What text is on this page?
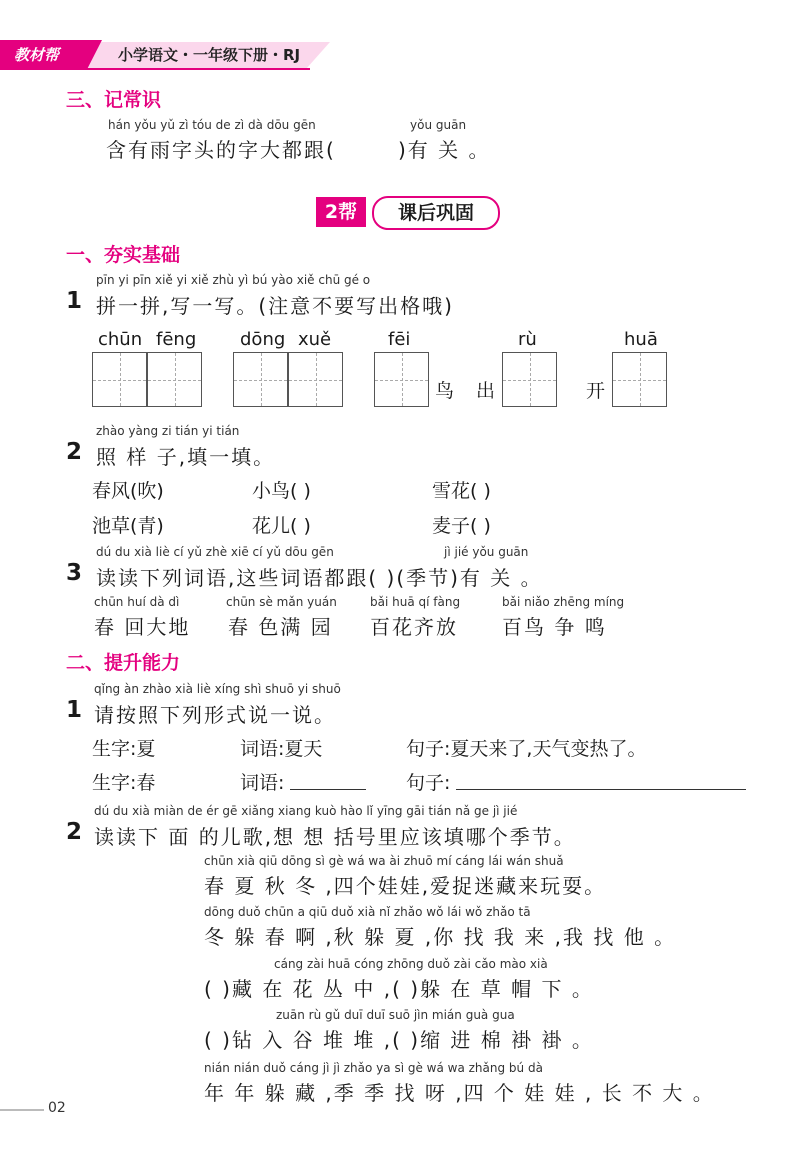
教材帮	小学语文・一年级下册・RJ
三、记常识
hán yǒu yǔ zì tóu de zì dà dōu gēn	yǒu guān
含有雨字头的字大都跟(	)有 关 。
2帮	课后巩固
一、夯实基础
pīn yi pīn xiě yi xiě zhù yì bú yào xiě chū gé o
1 拼一拼,写一写。(注意不要写出格哦)
chūn fēng dōng xuě	fēi	rù	huā
鸟 出	开
zhào yàng zi tián yi tián
2 照 样 子,填一填。
春风(吹)	小鸟( )	雪花( )
池草(青)	花儿( )	麦子( )
dú du xià liè cí yǔ zhè xiē cí yǔ dōu gēn	jì jié yǒu guān
3 读读下列词语,这些词语都跟( )(季节)有 关 。
chūn huí dà dì	chūn sè mǎn yuán	bǎi huā qí fàng	bǎi niǎo zhēng míng
春 回大地 春 色满 园 百花齐放 百鸟 争 鸣
二、提升能力
qǐng àn zhào xià liè xíng shì shuō yi shuō
1 请按照下列形式说一说。
生字:夏	词语:夏天	句子:夏天来了,天气变热了。
生字:春	词语:	句子:
dú du xià miàn de ér gē xiǎng xiang kuò hào lǐ yīng gāi tián nǎ ge jì jié
2 读读下 面 的儿歌,想 想 括号里应该填哪个季节。
chūn xià qiū dōng sì gè wá wa ài zhuō mí cáng lái wán shuǎ
春 夏 秋 冬 ,四个娃娃,爱捉迷藏来玩耍。
dōng duǒ chūn a qiū duǒ xià nǐ zhǎo wǒ lái wǒ zhǎo tā
冬 躲 春 啊 ,秋 躲 夏 ,你 找 我 来 ,我 找 他 。
cáng zài huā cóng zhōng duǒ zài cǎo mào xià
( )藏 在 花 丛 中 ,( )躲 在 草 帽 下 。
zuān rù gǔ duī duī suō jìn mián guà gua
( )钻 入 谷 堆 堆 ,( )缩 进 棉 褂 褂 。
nián nián duǒ cáng jì jì zhǎo ya sì gè wá wa zhǎng bú dà
年 年 躲 藏 ,季 季 找 呀 ,四 个 娃 娃 , 长 不 大 。
02
